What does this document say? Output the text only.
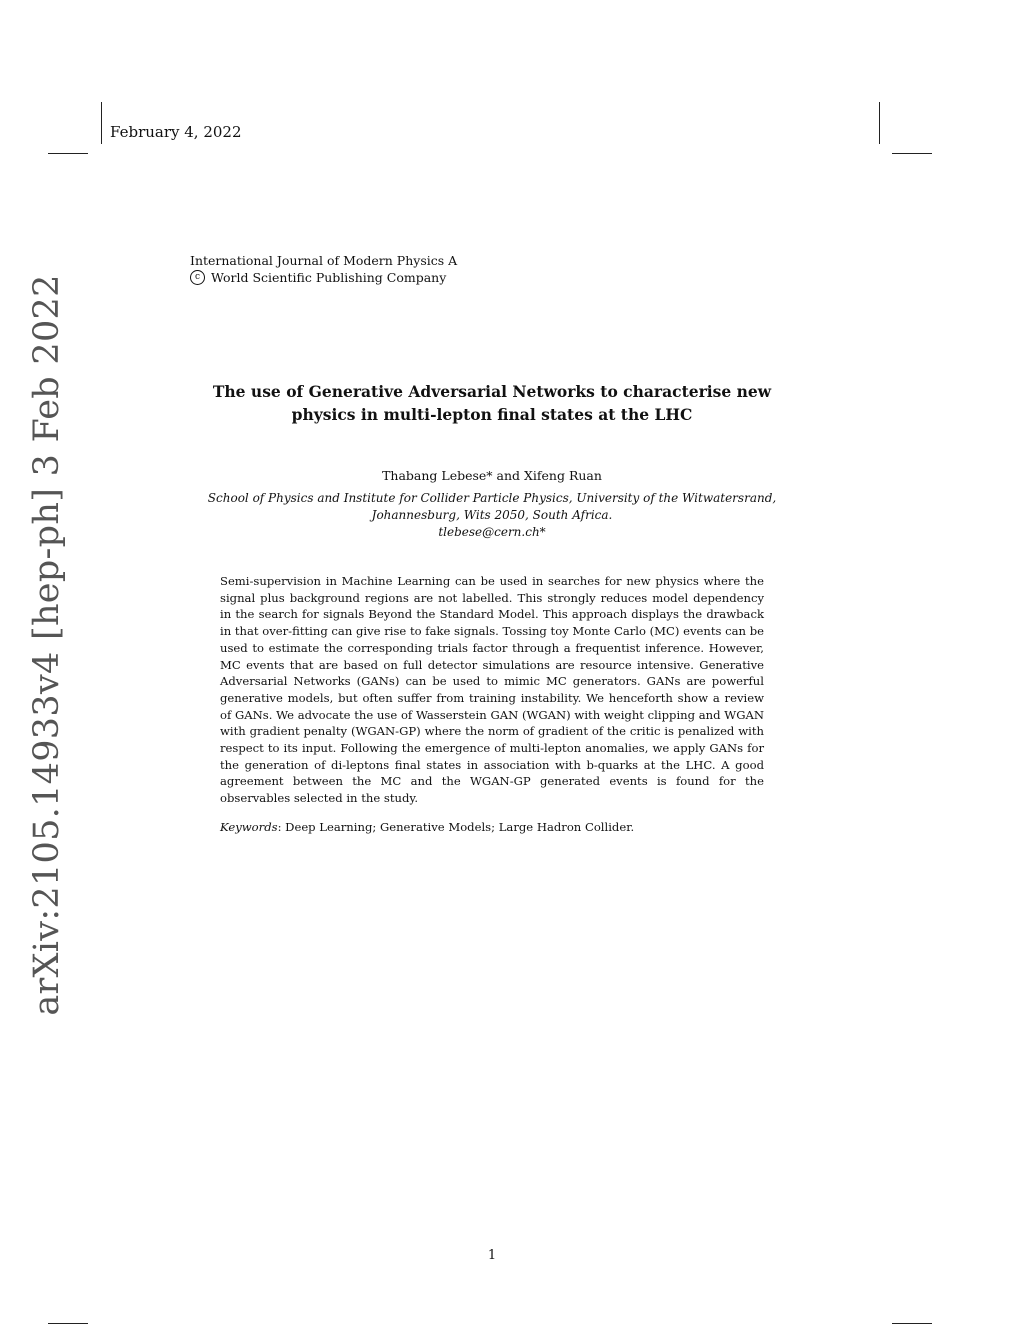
February 4, 2022
International Journal of Modern Physics A
c World Scientific Publishing Company
arXiv:2105.14933v4 [hep-ph] 3 Feb 2022	The use of Generative Adversarial Networks to characterise new physics in multi-lepton final states at the LHC
Thabang Lebese* and Xifeng Ruan
School of Physics and Institute for Collider Particle Physics, University of the Witwatersrand,
Johannesburg, Wits 2050, South Africa.
tlebese@cern.ch*

Semi-supervision in Machine Learning can be used in searches for new physics where the signal plus background regions are not labelled. This strongly reduces model dependency in the search for signals Beyond the Standard Model. This approach displays the drawback in that over-fitting can give rise to fake signals. Tossing toy Monte Carlo (MC) events can be used to estimate the corresponding trials factor through a frequentist inference. However, MC events that are based on full detector simulations are resource intensive. Generative Adversarial Networks (GANs) can be used to mimic MC generators. GANs are powerful generative models, but often suffer from training instability. We henceforth show a review of GANs. We advocate the use of Wasserstein GAN (WGAN) with weight clipping and WGAN with gradient penalty (WGAN-GP) where the norm of gradient of the critic is penalized with respect to its input. Following the emergence of multi-lepton anomalies, we apply GANs for the generation of di-leptons final states in association with b-quarks at the LHC. A good agreement between the MC and the WGAN-GP generated events is found for the observables selected in the study.

Keywords: Deep Learning; Generative Models; Large Hadron Collider.
1
